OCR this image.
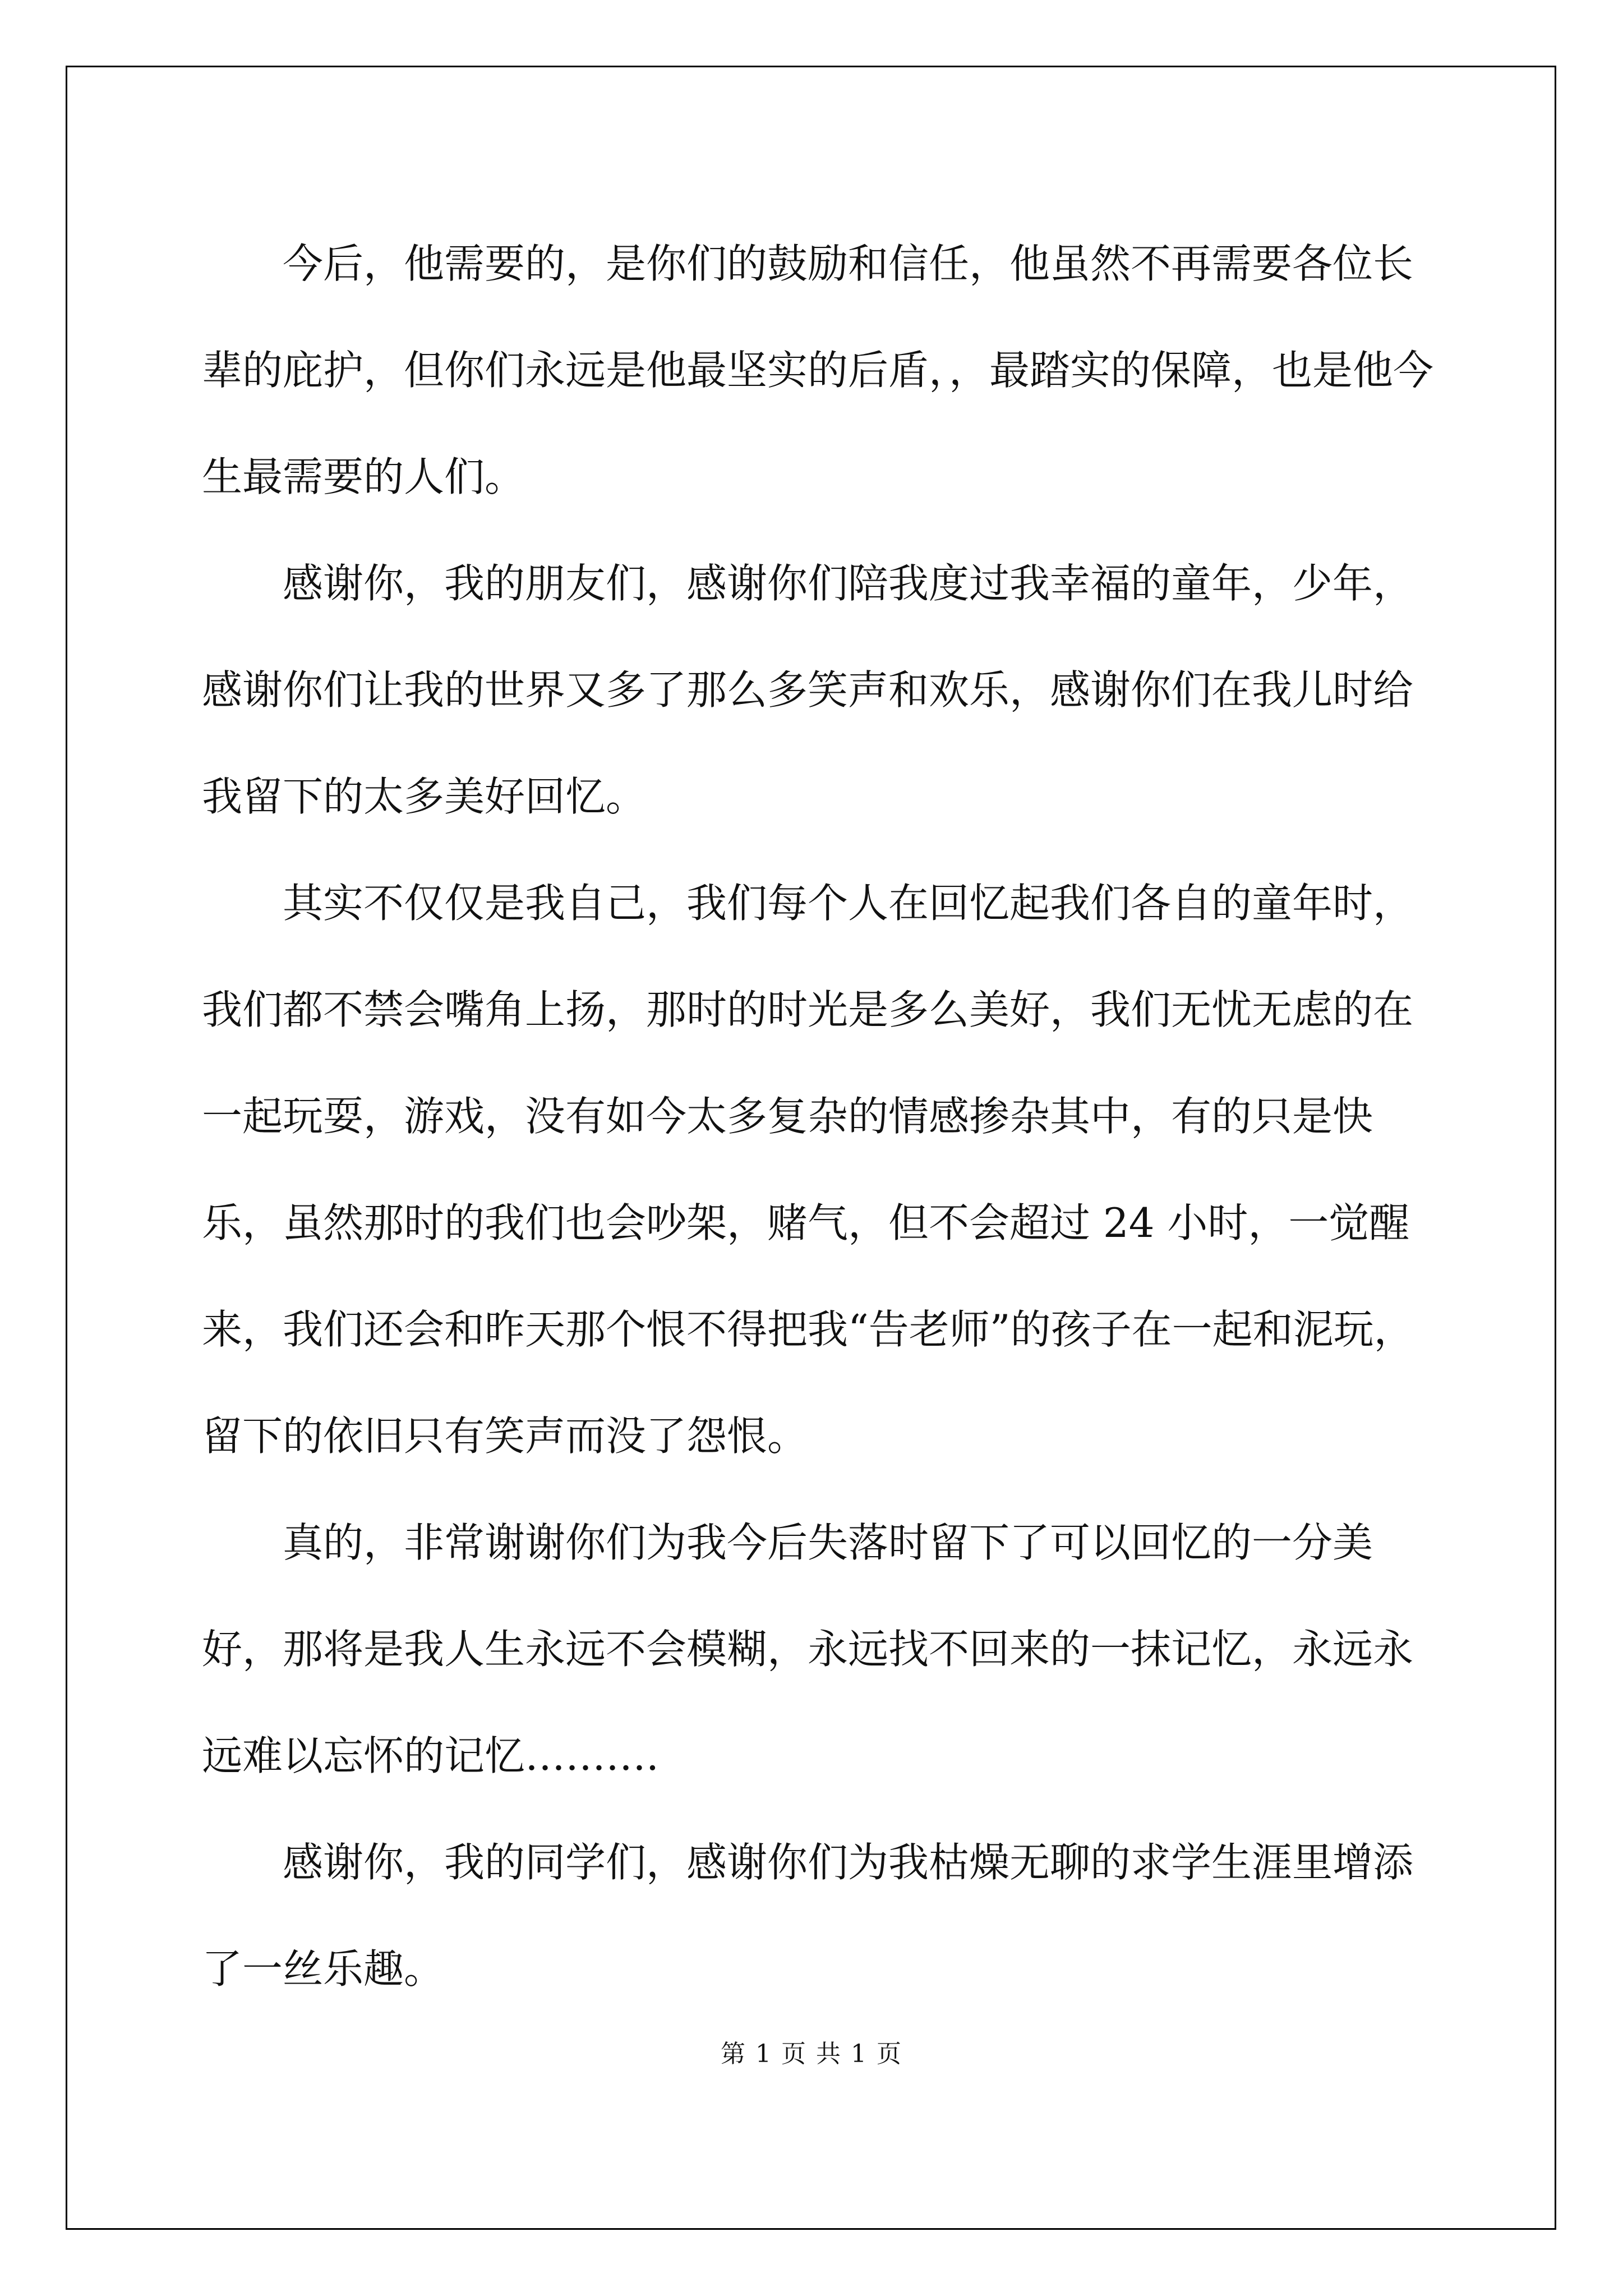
今后，他需要的，是你们的鼓励和信任，他虽然不再需要各位长辈的庇护，但你们永远是他最坚实的后盾，，最踏实的保障，也是他今生最需要的人们。

感谢你，我的朋友们，感谢你们陪我度过我幸福的童年，少年，感谢你们让我的世界又多了那么多笑声和欢乐，感谢你们在我儿时给我留下的太多美好回忆。

其实不仅仅是我自己，我们每个人在回忆起我们各自的童年时，我们都不禁会嘴角上扬，那时的时光是多么美好，我们无忧无虑的在一起玩耍，游戏，没有如今太多复杂的情感掺杂其中，有的只是快乐，虽然那时的我们也会吵架，赌气，但不会超过 24 小时，一觉醒来，我们还会和昨天那个恨不得把我“告老师”的孩子在一起和泥玩，留下的依旧只有笑声而没了怨恨。

真的，非常谢谢你们为我今后失落时留下了可以回忆的一分美好，那将是我人生永远不会模糊，永远找不回来的一抹记忆，永远永远难以忘怀的记忆……….

感谢你，我的同学们，感谢你们为我枯燥无聊的求学生涯里增添了一丝乐趣。

第 1 页 共 1 页
